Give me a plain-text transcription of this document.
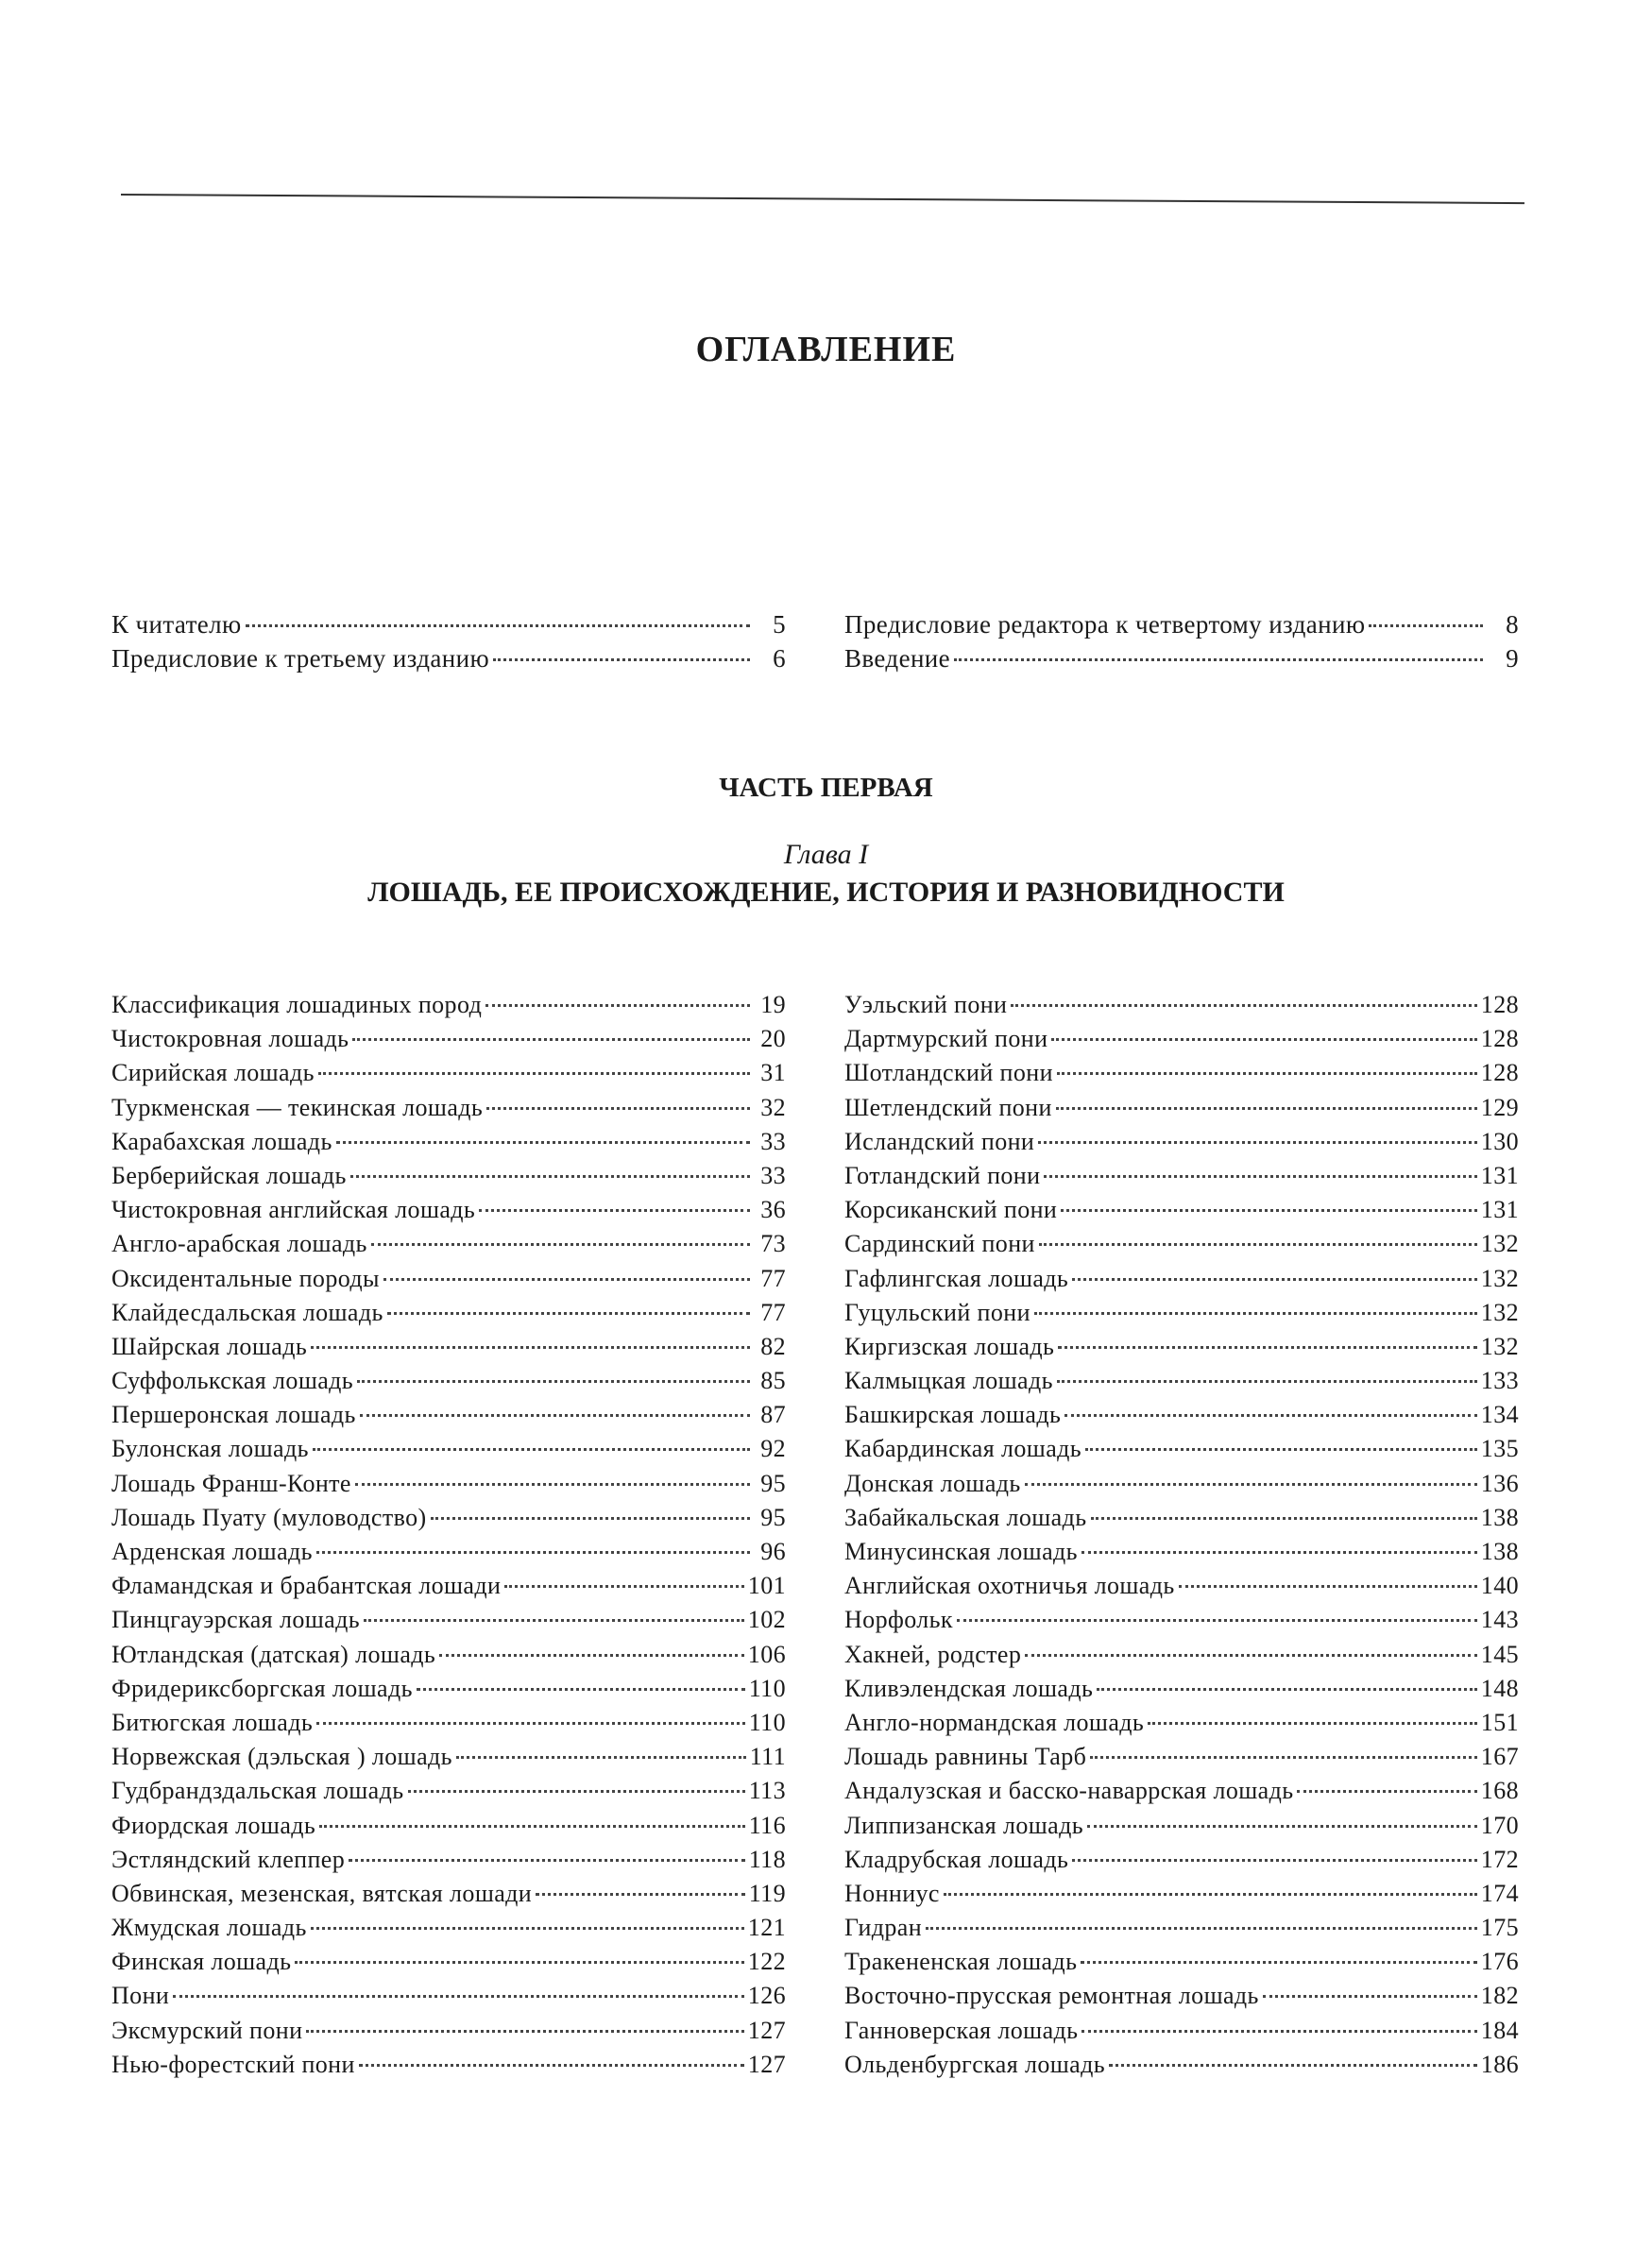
ОГЛАВЛЕНИЕ
К читателю	5
Предисловие к третьему изданию	6
Предисловие редактора к четвертому изданию	8
Введение	9
ЧАСТЬ ПЕРВАЯ
Глава I
ЛОШАДЬ, ЕЕ ПРОИСХОЖДЕНИЕ, ИСТОРИЯ И РАЗНОВИДНОСТИ
Классификация лошадиных пород	19
Чистокровная лошадь	20
Сирийская лошадь	31
Туркменская — текинская лошадь	32
Карабахская лошадь	33
Берберийская лошадь	33
Чистокровная английская лошадь	36
Англо-арабская лошадь	73
Оксидентальные породы	77
Клайдесдальская лошадь	77
Шайрская лошадь	82
Суффолькская лошадь	85
Першеронская лошадь	87
Булонская лошадь	92
Лошадь Франш-Конте	95
Лошадь Пуату (муловодство)	95
Арденская лошадь	96
Фламандская и брабантская лошади	101
Пинцгауэрская лошадь	102
Ютландская (датская) лошадь	106
Фридериксборгская лошадь	110
Битюгская лошадь	110
Норвежская (дэльская ) лошадь	111
Гудбрандздальская лошадь	113
Фиордская лошадь	116
Эстляндский клеппер	118
Обвинская, мезенская, вятская лошади	119
Жмудская лошадь	121
Финская лошадь	122
Пони	126
Эксмурский пони	127
Нью-форестский пони	127
Уэльский пони	128
Дартмурский пони	128
Шотландский пони	128
Шетлендский пони	129
Исландский пони	130
Готландский пони	131
Корсиканский пони	131
Сардинский пони	132
Гафлингская лошадь	132
Гуцульский пони	132
Киргизская лошадь	132
Калмыцкая лошадь	133
Башкирская лошадь	134
Кабардинская лошадь	135
Донская лошадь	136
Забайкальская лошадь	138
Минусинская лошадь	138
Английская охотничья лошадь	140
Норфольк	143
Хакней, родстер	145
Кливэлендская лошадь	148
Англо-нормандская лошадь	151
Лошадь равнины Тарб	167
Андалузская и басско-наваррская лошадь	168
Липпизанская лошадь	170
Кладрубская лошадь	172
Нонниус	174
Гидран	175
Тракененская лошадь	176
Восточно-прусская ремонтная лошадь	182
Ганноверская лошадь	184
Ольденбургская лошадь	186
